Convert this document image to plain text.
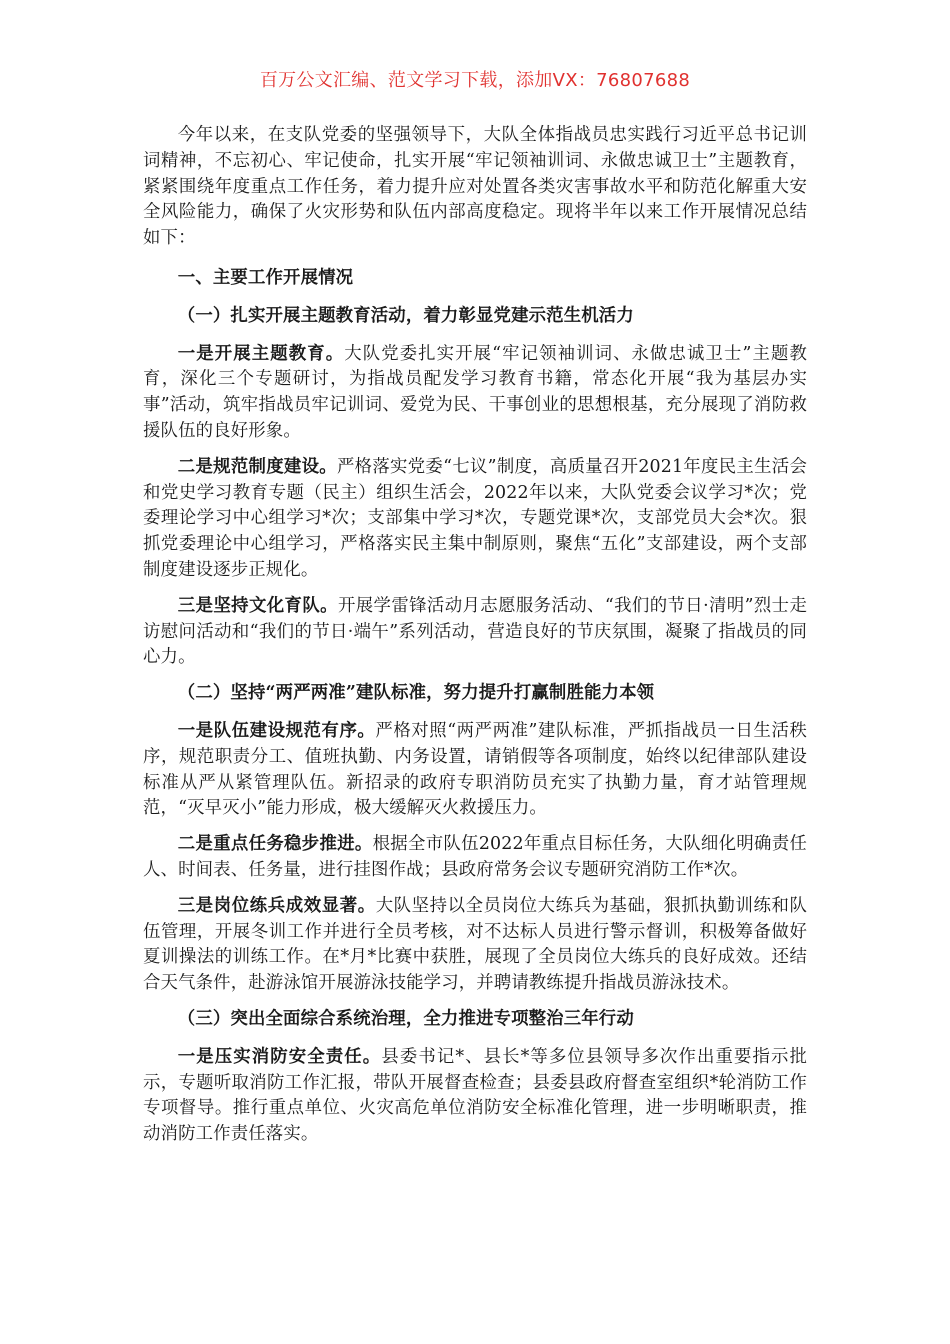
百万公文汇编、范文学习下载，添加VX：76807688

今年以来，在支队党委的坚强领导下，大队全体指战员忠实践行习近平总书记训词精神，不忘初心、牢记使命，扎实开展“牢记领袖训词、永做忠诚卫士”主题教育，紧紧围绕年度重点工作任务，着力提升应对处置各类灾害事故水平和防范化解重大安全风险能力，确保了火灾形势和队伍内部高度稳定。现将半年以来工作开展情况总结如下：

一、主要工作开展情况

（一）扎实开展主题教育活动，着力彰显党建示范生机活力

一是开展主题教育。大队党委扎实开展“牢记领袖训词、永做忠诚卫士”主题教育，深化三个专题研讨，为指战员配发学习教育书籍，常态化开展“我为基层办实事”活动，筑牢指战员牢记训词、爱党为民、干事创业的思想根基，充分展现了消防救援队伍的良好形象。

二是规范制度建设。严格落实党委“七议”制度，高质量召开2021年度民主生活会和党史学习教育专题（民主）组织生活会，2022年以来，大队党委会议学习*次；党委理论学习中心组学习*次；支部集中学习*次，专题党课*次，支部党员大会*次。狠抓党委理论中心组学习，严格落实民主集中制原则，聚焦“五化”支部建设，两个支部制度建设逐步正规化。

三是坚持文化育队。开展学雷锋活动月志愿服务活动、“我们的节日·清明”烈士走访慰问活动和“我们的节日·端午”系列活动，营造良好的节庆氛围，凝聚了指战员的同心力。

（二）坚持“两严两准”建队标准，努力提升打赢制胜能力本领

一是队伍建设规范有序。严格对照“两严两准”建队标准，严抓指战员一日生活秩序，规范职责分工、值班执勤、内务设置，请销假等各项制度，始终以纪律部队建设标准从严从紧管理队伍。新招录的政府专职消防员充实了执勤力量，育才站管理规范，“灭早灭小”能力形成，极大缓解灭火救援压力。

二是重点任务稳步推进。根据全市队伍2022年重点目标任务，大队细化明确责任人、时间表、任务量，进行挂图作战；县政府常务会议专题研究消防工作*次。

三是岗位练兵成效显著。大队坚持以全员岗位大练兵为基础，狠抓执勤训练和队伍管理，开展冬训工作并进行全员考核，对不达标人员进行警示督训，积极筹备做好夏训操法的训练工作。在*月*比赛中获胜，展现了全员岗位大练兵的良好成效。还结合天气条件，赴游泳馆开展游泳技能学习，并聘请教练提升指战员游泳技术。

（三）突出全面综合系统治理，全力推进专项整治三年行动

一是压实消防安全责任。县委书记*、县长*等多位县领导多次作出重要指示批示，专题听取消防工作汇报，带队开展督查检查；县委县政府督查室组织*轮消防工作专项督导。推行重点单位、火灾高危单位消防安全标准化管理，进一步明晰职责，推动消防工作责任落实。
